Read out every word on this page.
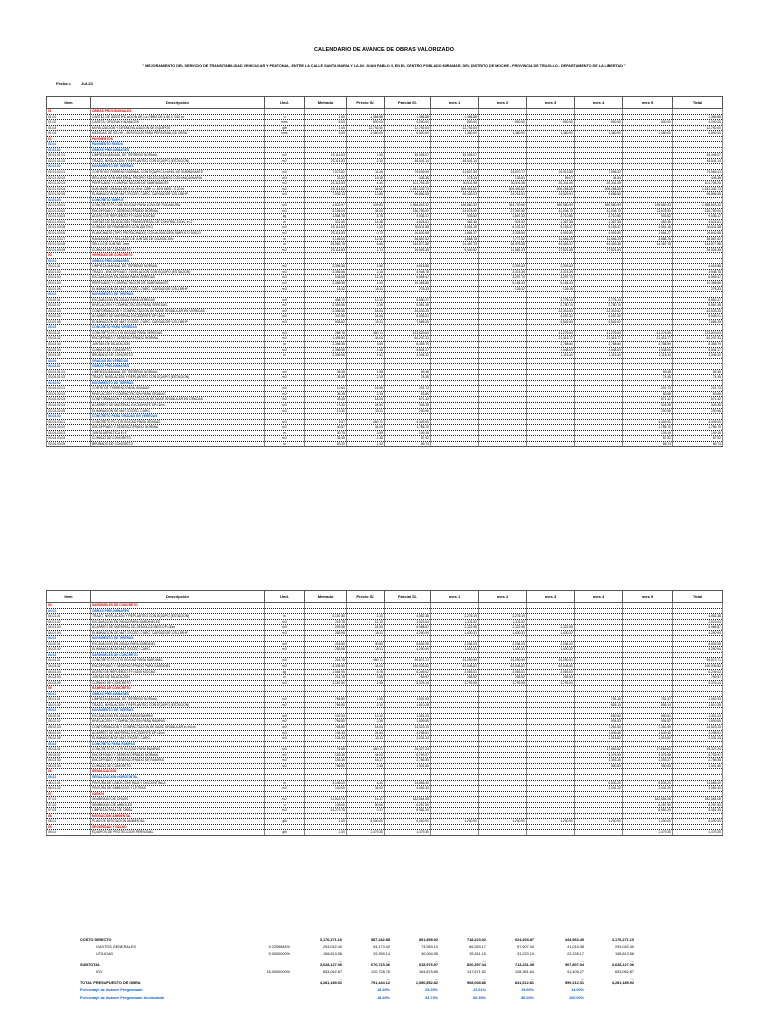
CALENDARIO DE AVANCE DE OBRAS VALORIZADO
" MEJORAMIENTO DEL SERVICIO DE TRANSITABILIDAD VEHICULAR Y PEATONAL, ENTRE LA CALLE SANTA MARIA Y LA AV. JUAN PABLO II, EN EL CENTRO POBLADO MIRAMAR, DEL DISTRITO DE MOCHE - PROVINCIA DE TRUJILLO - DEPARTAMENTO DE LA LIBERTAD "
Fecha =	Jul-23
Item	Descripción	Und.	Metrado	Precio S/.	Parcial S/.	mes 1	mes 2	mes 3	mes 4	mes 5	Total
01	OBRAS PROVISIONALES										
01.01	CARTEL DE IDENTIFICACION DE LA OBRA DE 4.80 X 3.60 m	u	1.00	1,366.88	1,366.88	1,366.88					1,366.88
01.02	CASETA, OFICINA Y ALMACEN	mes	5.00	800.00	4,000.00	800.00	800.00	800.00	800.00	800.00	4,000.00
01.03	MOVILIZACION Y DESMOVILIZACION DE EQUIPOS	glb	1.00	12,792.00	12,792.00	12,792.00					12,792.00
01.04	MEDIDAS DE SS-HH - SERVICIOS PARA PERSONAL DE OBRA	mes	5.00	1,360.00	6,800.00	1,360.00	1,360.00	1,360.00	1,360.00	1,360.00	6,800.00
02	PAVIMENTOS										
02.01	PAVIMENTO RIGIDO										
02.01.01	OBRAS PRELIMINARES										
02.01.01.01	LIMPIEZA MANUAL DE TERRENO NORMAL	m2	23,114.83	1.96	45,305.07	45,305.07					45,305.07
02.01.01.02	TRAZO, NIVELACION Y REPLANTEO CON EQUIPO (ESTACION)	m2	23,114.83	2.10	48,541.14	48,541.14					48,541.14
02.01.02	MOVIMIENTO DE TIERRAS										
02.01.02.01	CORTE EN TERRENO NORMAL CON EQUIPO A NIVEL DE SUBRASANTE	m3	7,072.82	11.26	79,639.95	31,827.69	23,870.77	15,913.85	7,956.92		79,569.23
02.01.02.02	RELLENO CON MATERIAL PROPIO SELECCIONADO CON MAQUINARIA	m3	23.22	19.18	445.36	178.14	133.61	89.07	44.54		445.36
02.01.02.03	PERFILADO Y COMPACTACION DE SUBRASANTE	m2	23,114.83	4.40	101,705.25	30,511.58	30,511.58	20,341.05	20,341.05		101,705.25
02.01.02.04	SUB-BASE GRANULAR E=0.20 m. CBR >= 40% MDS - 0.20 m	m2	23,114.83	44.62	1,031,342.73	309,402.82	309,402.82	206,268.55	206,268.55		1,031,342.73
02.01.02.05	ELIMINACION DE MAT. EXCED. CARG. CARGADOR 125-155HP	m3	7,533.13	12.86	96,866.05	48,433.03	24,216.51	14,529.91	9,686.60		96,866.05
02.01.03	CONCRETO SIMPLE										
02.01.03.01	CONCRETO FC=280 KG/CM2 PARA LOSA DE RODADURA	m3	4,622.97	425.83	1,968,603.32	196,860.33	393,720.66	590,580.99	590,580.99	196,860.33	1,968,603.32
02.01.03.02	ENCOFRADO Y DESENCOFRADO NORMAL	m2	3,106.04	44.04	136,789.00	13,678.90	27,357.80	41,036.70	41,036.70	13,678.90	136,789.00
02.01.03.03	ACERO DE REFUERZO FY=4200 KG/CM2	kg	1,568.78	5.76	9,036.17	903.62	1,807.23	2,710.85	2,710.85	903.62	9,036.17
02.01.03.04	JUNTAS DE DILATACION TRANSVERSAL DE CONTRACCION, e=1"	m	321.60	14.38	4,624.61	462.46	924.92	1,387.38	1,387.38	462.46	4,624.61
02.01.03.05	CURADO DE PAVIMENTO CON ADITIVO	m2	23,114.83	1.32	30,511.58	3,051.16	6,102.32	9,153.47	9,153.47	3,051.16	30,511.58
02.01.03.06	PLANCHADO (TIPO FROTACHADO) CON ALISADORA SIMPLE O DISCO	m2	23,114.83	0.72	16,642.68	1,664.27	3,328.54	4,992.80	4,992.80	1,664.27	16,642.68
02.01.03.07	RANURADO Y SELLADO DE JUNTAS DE DILATACION	m	3,106.04	12.52	38,887.62	3,888.76	7,777.52	11,666.29	11,666.29	3,888.76	38,887.62
02.01.03.08	SELLO DE JUNTAS 1mm	m	25,563.78	5.66	144,877.88	14,487.79	28,975.58	43,463.37	43,463.36	14,487.78	144,877.88
02.01.03.09	CURADO DE CONCRETO	m2	23,114.83	1.71	39,526.36	5,940.52	11,881.03	17,821.55	17,821.54		39,526.36
03	VEREDAS DE CONCRETO										
03.01	OBRAS PRELIMINARES										
03.01.01	LIMPIEZA MANUAL DE TERRENO NORMAL	m2	2,356.56	1.96	4,618.86		2,309.43	2,309.43			4,618.86
03.01.02	TRAZO - ENCOFRADO - NIVELACION CON EQUIPO (ESTACION)	m2	2,356.56	2.10	4,948.78		2,474.39	2,474.39			4,948.78
03.01.03	EXCAVACION EN ZANJA PARA VEREDAS	m3	545.08	12.10	6,595.47		3,297.74	3,297.73			6,595.47
03.01.04	PERFILADO Y COMPACTACION DE SUBRASANTE	m2	2,356.56	4.40	10,368.86		5,184.43	5,184.43			10,368.86
03.01.05	ELIMINACION DE MAT. EXCED. CARG. CARGADOR 125-155HP	m3	18.42	15.11	278.33		139.17	139.16			278.33
03.02	MOVIMIENTO DE TIERRAS										
03.02.01	EXCAVACION EN ZANJA PARA VEREDAS	m3	458.70	12.10	5,550.27			2,775.14	2,775.13		5,550.27
03.02.02	NIVELACION Y COMPACTACION PARA VEREDAS	m2	2,356.56	2.36	5,561.48			2,780.74	2,780.74		5,561.48
03.02.03	CONFORMACION Y COMPACTACION DE BASE GRANULAR EN VEREDAS	m2	2,356.56	18.94	44,633.25			22,316.63	22,316.62		44,633.25
03.02.04	ACARREO DE MATERIAL EXCEDENTE DP=30m	m3	347.80	24.54	8,535.01			4,267.51	4,267.50		8,535.01
03.02.05	ELIMINACION DE MAT. EXCED. CARG. CARGADOR 125-155HP	m3	508.62	15.11	7,685.25			3,842.63	3,842.62		7,685.25
03.03	CONCRETO PARA VEREDAS										
03.03.01	CONCRETO FC=175 KG/CM2 PARA VEREDAS	m3	268.78	460.71	123,829.63			41,276.54	41,276.54	41,276.55	123,829.63
03.03.02	ENCOFRADO Y DESENCOFRADO NORMAL	m2	1,458.84	44.04	64,247.31			21,415.77	21,415.77	21,415.77	64,247.31
03.03.03	JUNTAS DE DILATACION	m	2,356.56	3.55	8,365.79			2,788.60	2,788.60	2,788.59	8,365.79
03.03.04	CURADO DE CONCRETO	m2	2,356.56	2.48	5,844.27			1,948.09	1,948.09	1,948.09	5,844.27
03.03.05	BRUÑADO DE CONCRETO	m	2,356.56	1.42	3,346.32			1,115.44	1,115.44	1,115.44	3,346.32
03.04	GRADAS EN VEREDAS										
03.04.01	OBRAS PRELIMINARES										
03.04.01.01	LIMPIEZA MANUAL DE TERRENO NORMAL	m2	35.45	1.96	69.48					69.48	69.48
03.04.01.02	TRAZO, NIVELACION Y REPLANTEO CON EQUIPO (ESTACION)	m2	35.45	2.10	74.45					74.45	74.45
03.04.02	MOVIMIENTO DE TIERRAS										
03.04.02.01	CORTE DE TERRENO PARA GRADAS	m3	10.64	18.96	201.73					201.73	201.73
03.04.02.02	NIVELACION Y COMPACTACION PARA GRADAS	m2	35.45	2.36	83.66					83.66	83.66
03.04.02.03	CONFORMACION Y COMPACTACION DE BASE GRANULAR EN GRADAS	m2	35.45	18.94	671.42					671.42	671.42
03.04.02.04	ACARREO DE MATERIAL EXCEDENTE DP=30m	m3	13.30	24.54	326.38					326.38	326.38
03.04.02.05	ELIMINACION DE MAT. EXCED. CARG.	m3	13.30	15.11	200.96					200.96	200.96
03.04.03	CONCRETO PARA GRADAS EN VEREDAS										
03.04.03.01	CONCRETO FC=175 KG/CM2 PARA GRADAS	m3	9.57	460.71	4,409.00					4,409.00	4,409.00
03.04.03.02	ENCOFRADO Y DESENCOFRADO NORMAL	m2	40.57	44.04	1,786.70					1,786.70	1,786.70
03.04.03.03	JUNTA ASFALTICA E=1"	m	30.75	3.55	109.16					109.16	109.16
03.04.03.04	CURADO DE CONCRETO	m2	35.45	2.48	87.92					87.92	87.92
03.04.03.05	BRUÑADO DE CONCRETO	m	63.20	1.42	89.74					89.74	89.74
Item	Descripción	Und.	Metrado	Precio S/.	Parcial S/.	mes 1	mes 2	mes 3	mes 4	mes 5	Total
04	SARDINELES DE CONCRETO										
04.01	OBRAS PRELIMINARES										
04.01.01	TRAZO, NIVELACION Y REPLANTEO CON EQUIPO (ESTACION)	m	2,167.80	2.10	4,552.38	2,276.19	2,276.19				4,552.38
04.01.02	EXCAVACION EN ZANJA PARA SARDINELES	m3	216.78	12.10	2,623.04	1,311.52	1,311.52				2,623.04
04.01.03	ACARREO DE MATERIAL DE DEMOLICIONES DP=30m	m3	283.98	24.54	6,968.87	2,322.96	2,322.96	2,322.95			6,968.87
04.01.04	ELIMINACION DE MAT. EXCED. CARG. CARGADOR 125-155HP	m3	283.98	15.11	4,290.94	1,430.31	1,430.31	1,430.32			4,290.94
04.02	MOVIMIENTO DE TIERRAS										
04.02.01	EXCAVACION EN ZANJA PARA SARDINEL	m3	216.80	40.60	8,802.08	2,934.03	2,934.03	2,934.02			8,802.08
04.02.02	ELIMINACION DE MAT. EXCED. CARG.	m3	283.98	15.11	4,290.94	1,430.31	1,430.31	1,430.32			4,290.94
04.03	SARDINELES DE CONCRETO										
04.03.01	CONCRETO FC=175 KG/CM2 PARA SARDINEL	m3	216.78	460.71	99,872.71	33,290.90	33,290.90	33,290.91			99,872.71
04.03.02	ENCOFRADO Y DESENCOFRADO PARA SARDINEL	m2	4,335.60	44.04	190,939.82	63,646.61	63,646.61	63,646.60			190,939.82
04.03.03	ACERO DE REFUERZO FY=4200 KG/CM2	kg	1,084.90	5.76	6,249.02	2,083.01	2,083.01	2,083.00			6,249.02
04.03.04	JUNTAS DE DILATACION	m	216.78	3.55	769.57	256.52	256.52	256.53			769.57
04.03.05	CURADO DE CONCRETO	m2	2,167.80	2.48	5,376.14	1,792.05	1,792.05	1,792.04			5,376.14
05	RAMPAS DE CONCRETO										
05.01	OBRAS PRELIMINARES										
05.01.01	LIMPIEZA MANUAL DE TERRENO NORMAL	m2	766.80	1.96	1,502.93				751.46	751.47	1,502.93
05.01.02	TRAZO, NIVELACION Y REPLANTEO CON EQUIPO (ESTACION)	m2	766.80	2.10	1,610.28				805.14	805.14	1,610.28
05.02	MOVIMIENTO DE TIERRAS										
05.02.01	EXCAVACION EN ZANJA PARA RAMPAS	m3	107.54	12.10	1,301.23				650.62	650.61	1,301.23
05.02.02	NIVELACION Y COMPACTACION PARA RAMPAS	m2	766.80	2.36	1,809.65				904.83	904.82	1,809.65
05.02.03	CONFORMACION Y COMPACTACION DE BASE GRANULAR e=10cm	m2	766.80	18.94	14,523.19				7,261.60	7,261.59	14,523.19
05.02.04	ACARREO DE MATERIAL EXCEDENTE DP=30m	m3	134.43	24.54	3,298.91				1,649.46	1,649.45	3,298.91
05.02.05	ELIMINACION DE MAT. EXCED. CARG.	m3	134.43	15.11	2,031.24				1,015.62	1,015.62	2,031.24
05.03	CONCRETO PARA RAMPAS										
05.03.01	CONCRETO FC=175 KG/CM2 PARA RAMPAS	m3	76.68	460.71	35,327.24				17,663.62	17,663.62	35,327.24
05.03.02	ENCOFRADO Y DESENCOFRADO NORMAL	m2	153.36	44.04	6,753.97				3,376.99	3,376.98	6,753.97
05.03.03	ENCOFRADO Y DESENCOFRADO DE RAMPAS	m2	153.36	18.17	2,786.55				1,393.28	1,393.27	2,786.55
05.03.04	CURADO DE CONCRETO	m2	766.80	2.48	1,901.66				950.83	950.83	1,901.66
06	SEÑALIZACION										
06.01	SEÑALIZACION HORIZONTAL										
06.01.01	PINTURA DE LINEA CONTINUA Y DISCONTINUA	m	3,106.00	4.40	13,666.40				6,833.20	6,833.20	13,666.40
06.01.02	PINTURA DE SIMBOLOS Y LETRAS	m2	120.00	34.02	4,082.40				2,041.20	2,041.20	4,082.40
07	VARIOS										
07.01	SEMBRADO DE GRASS	m2	12,616.73	14.47	182,564.08					182,564.08	182,564.08
07.02	SEMBRADO DE ARBOLES	u	125.00	50.06	6,257.50					6,257.50	6,257.50
07.03	LIMPIEZA FINAL DE OBRA	m2	24,273.75	0.37	8,981.29					8,981.29	8,981.29
08	MITIGACION AMBIENTAL										
08.01	PLAN DE MITIGACION AMBIENTAL	glb	1.00	6,000.00	6,000.00	1,200.00	1,200.00	1,200.00	1,200.00	1,200.00	6,000.00
09	SEGURIDAD Y SALUD										
09.01	EQUIPOS DE PROTECCION PERSONAL	glb	1.00	1,479.30	1,479.30					1,479.30	1,479.30
COSTO DIRECTO	3,176,271.10	587,182.88	801,898.92	718,223.02	624,403.87	444,563.49	3,176,271.10
GASTOS GENERALES	9.2259884%	293,042.40	54,173.42	73,983.10	66,263.17	57,607.34	41,015.38	293,042.40
UTILIDAD	5.0000000%	158,813.56	29,359.14	40,094.95	35,911.15	31,220.19	22,228.17	158,813.56
---	---	---	---	---	---	---
SUBTOTAL	3,628,127.06	670,715.36	915,976.97	820,397.34	713,231.35	507,807.04	3,628,127.06
IGV	18.0000000%	653,062.87	120,728.76	164,875.85	147,671.52	128,381.64	91,405.27	653,062.87
---	---	---	---	---	---	---
TOTAL PRESUPUESTO DE OBRA	4,281,189.92	791,444.12	1,080,852.82	968,068.86	841,612.81	599,212.31	4,281,189.92
Porcentaje de Avance Programado	18.49%	25.25%	22.61%	19.66%	14.00%
Porcentaje de Avance Programado Acumulado	18.49%	43.73%	66.35%	86.00%	100.00%
